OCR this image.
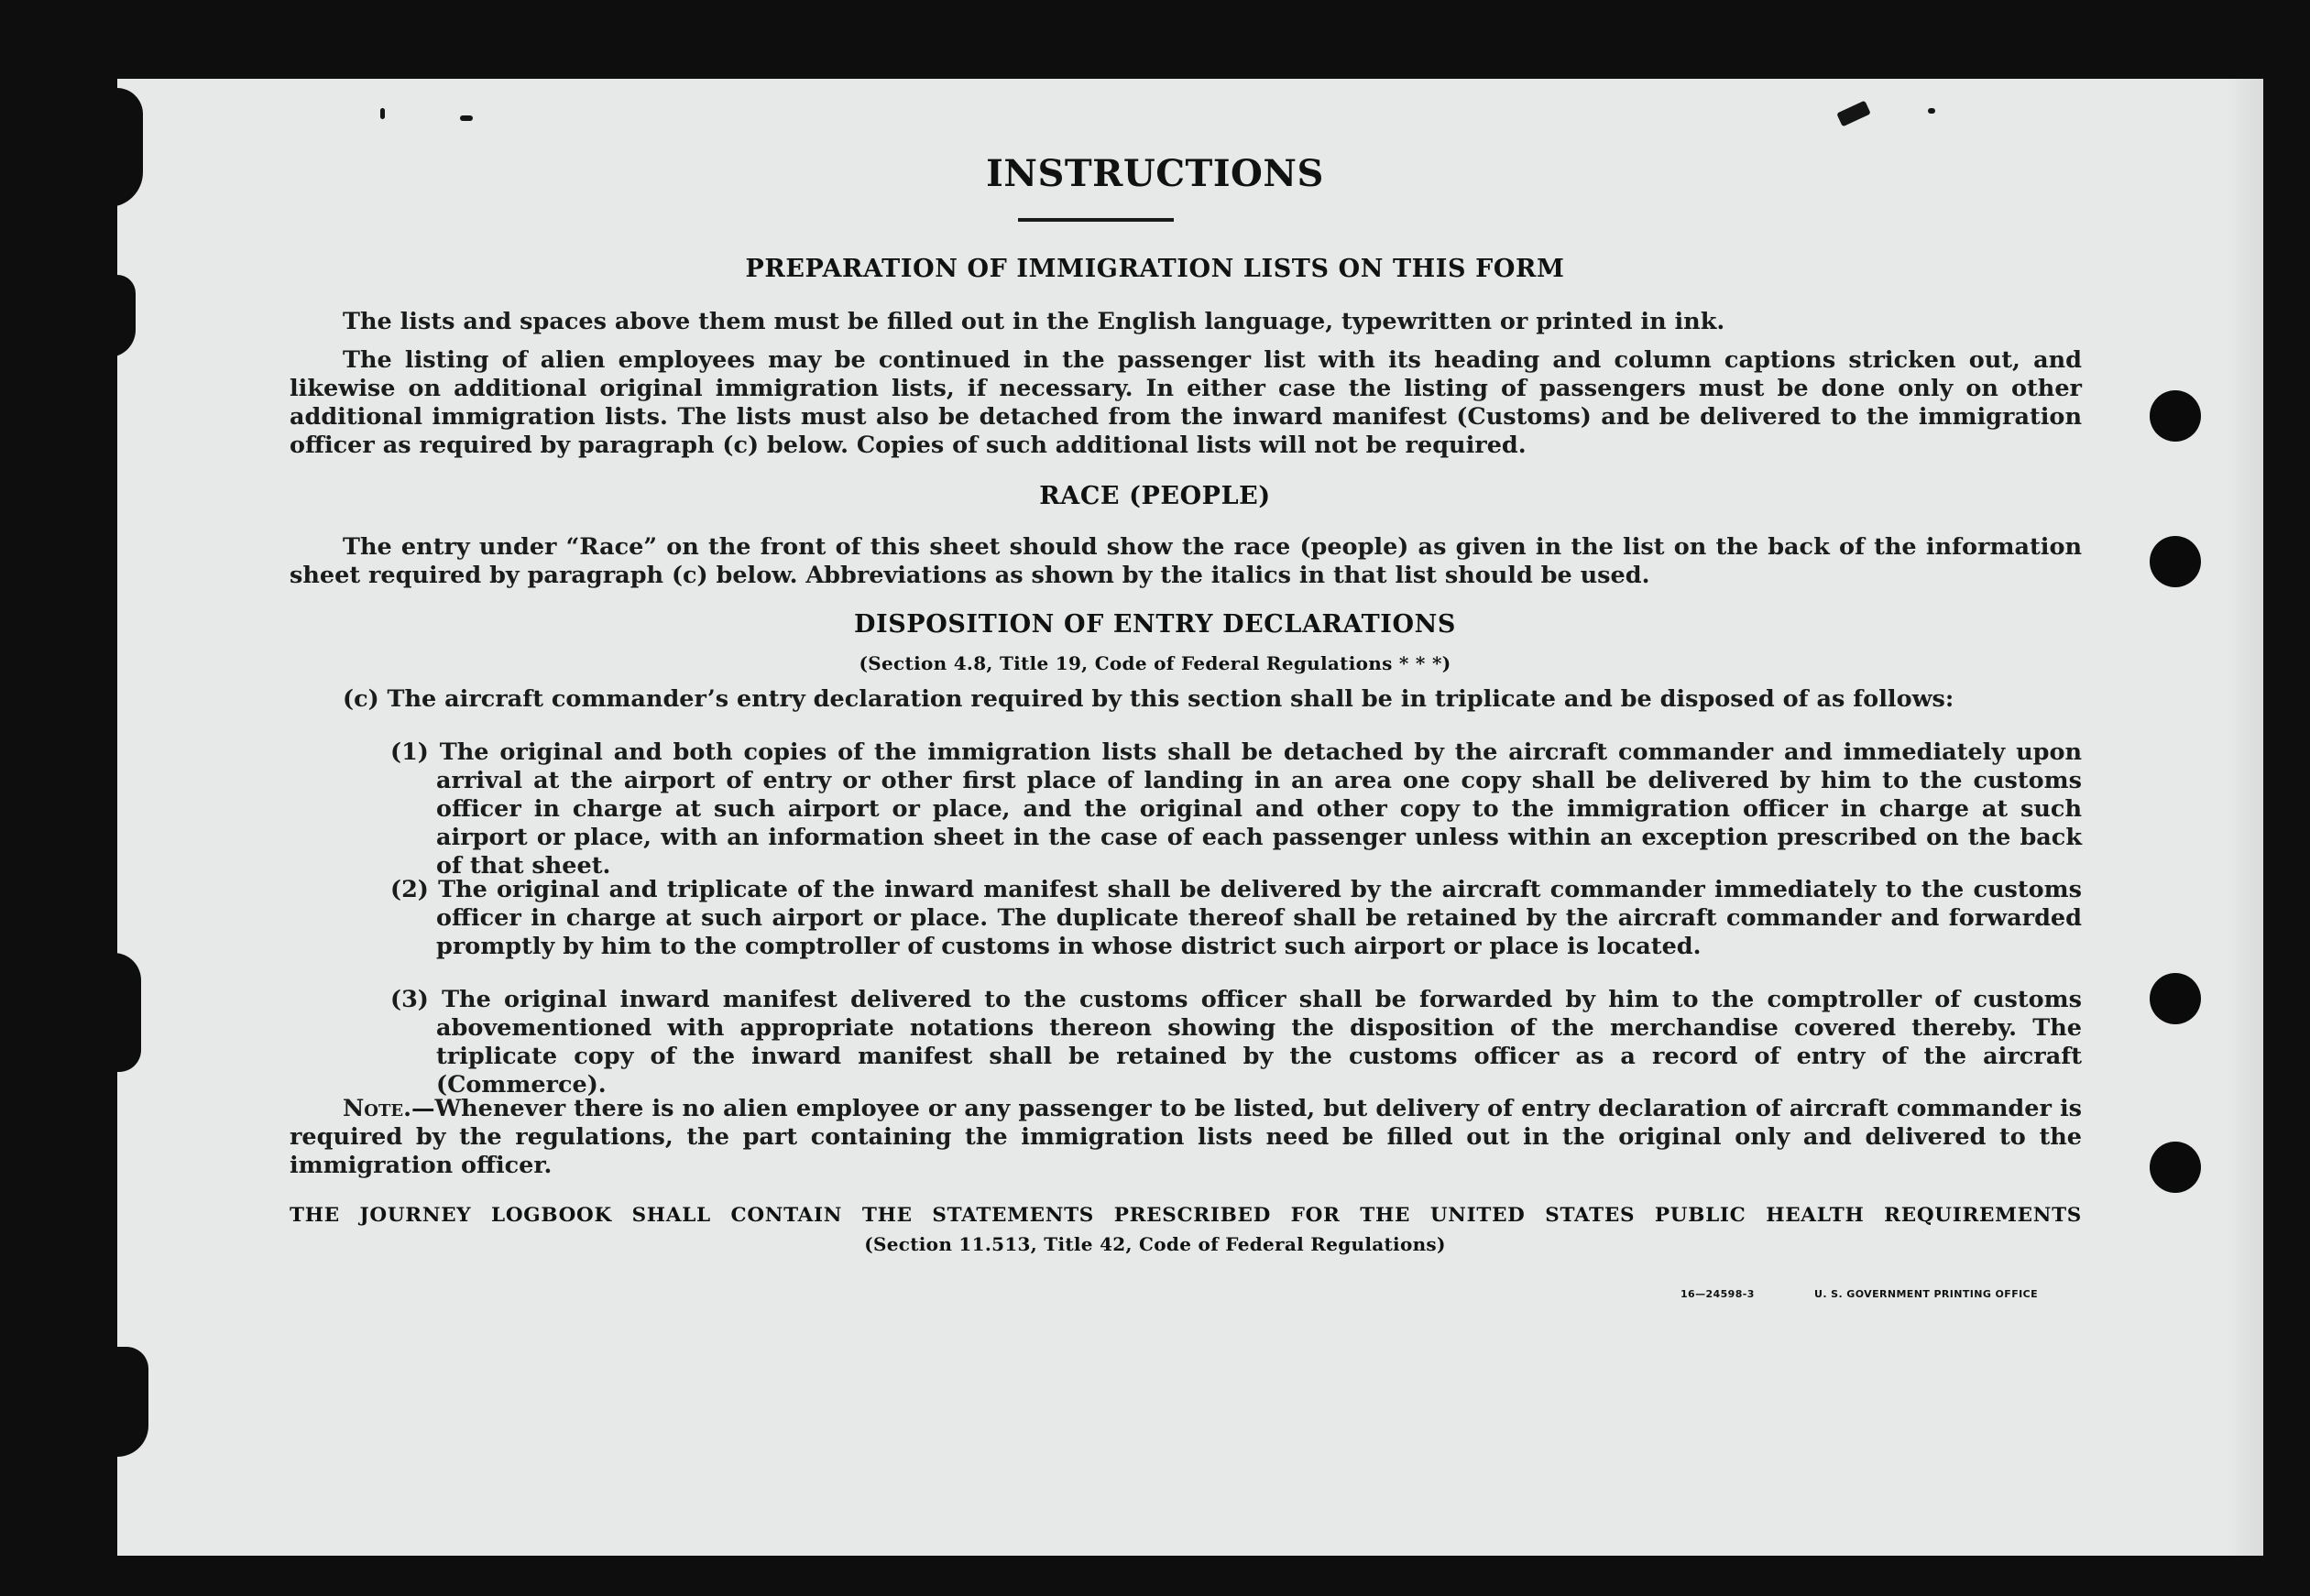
INSTRUCTIONS
PREPARATION OF IMMIGRATION LISTS ON THIS FORM
The lists and spaces above them must be filled out in the English language, typewritten or printed in ink.
The listing of alien employees may be continued in the passenger list with its heading and column captions stricken out, and likewise on additional original immigration lists, if necessary. In either case the listing of passengers must be done only on other additional immigration lists. The lists must also be detached from the inward manifest (Customs) and be delivered to the immigration officer as required by paragraph (c) below. Copies of such additional lists will not be required.
RACE (PEOPLE)
The entry under “Race” on the front of this sheet should show the race (people) as given in the list on the back of the information sheet required by paragraph (c) below. Abbreviations as shown by the italics in that list should be used.
DISPOSITION OF ENTRY DECLARATIONS
(Section 4.8, Title 19, Code of Federal Regulations * * *)
(c) The aircraft commander’s entry declaration required by this section shall be in triplicate and be disposed of as follows:
(1) The original and both copies of the immigration lists shall be detached by the aircraft commander and immediately upon arrival at the airport of entry or other first place of landing in an area one copy shall be delivered by him to the customs officer in charge at such airport or place, and the original and other copy to the immigration officer in charge at such airport or place, with an information sheet in the case of each passenger unless within an exception prescribed on the back of that sheet.
(2) The original and triplicate of the inward manifest shall be delivered by the aircraft commander immediately to the customs officer in charge at such airport or place. The duplicate thereof shall be retained by the aircraft commander and forwarded promptly by him to the comptroller of customs in whose district such airport or place is located.
(3) The original inward manifest delivered to the customs officer shall be forwarded by him to the comptroller of customs abovementioned with appropriate notations thereon showing the disposition of the merchandise covered thereby. The triplicate copy of the inward manifest shall be retained by the customs officer as a record of entry of the aircraft (Commerce).
Note.—Whenever there is no alien employee or any passenger to be listed, but delivery of entry declaration of aircraft commander is required by the regulations, the part containing the immigration lists need be filled out in the original only and delivered to the immigration officer.
THE JOURNEY LOGBOOK SHALL CONTAIN THE STATEMENTS PRESCRIBED FOR THE UNITED STATES PUBLIC HEALTH REQUIREMENTS
(Section 11.513, Title 42, Code of Federal Regulations)
16—24598-3	U. S. GOVERNMENT PRINTING OFFICE
